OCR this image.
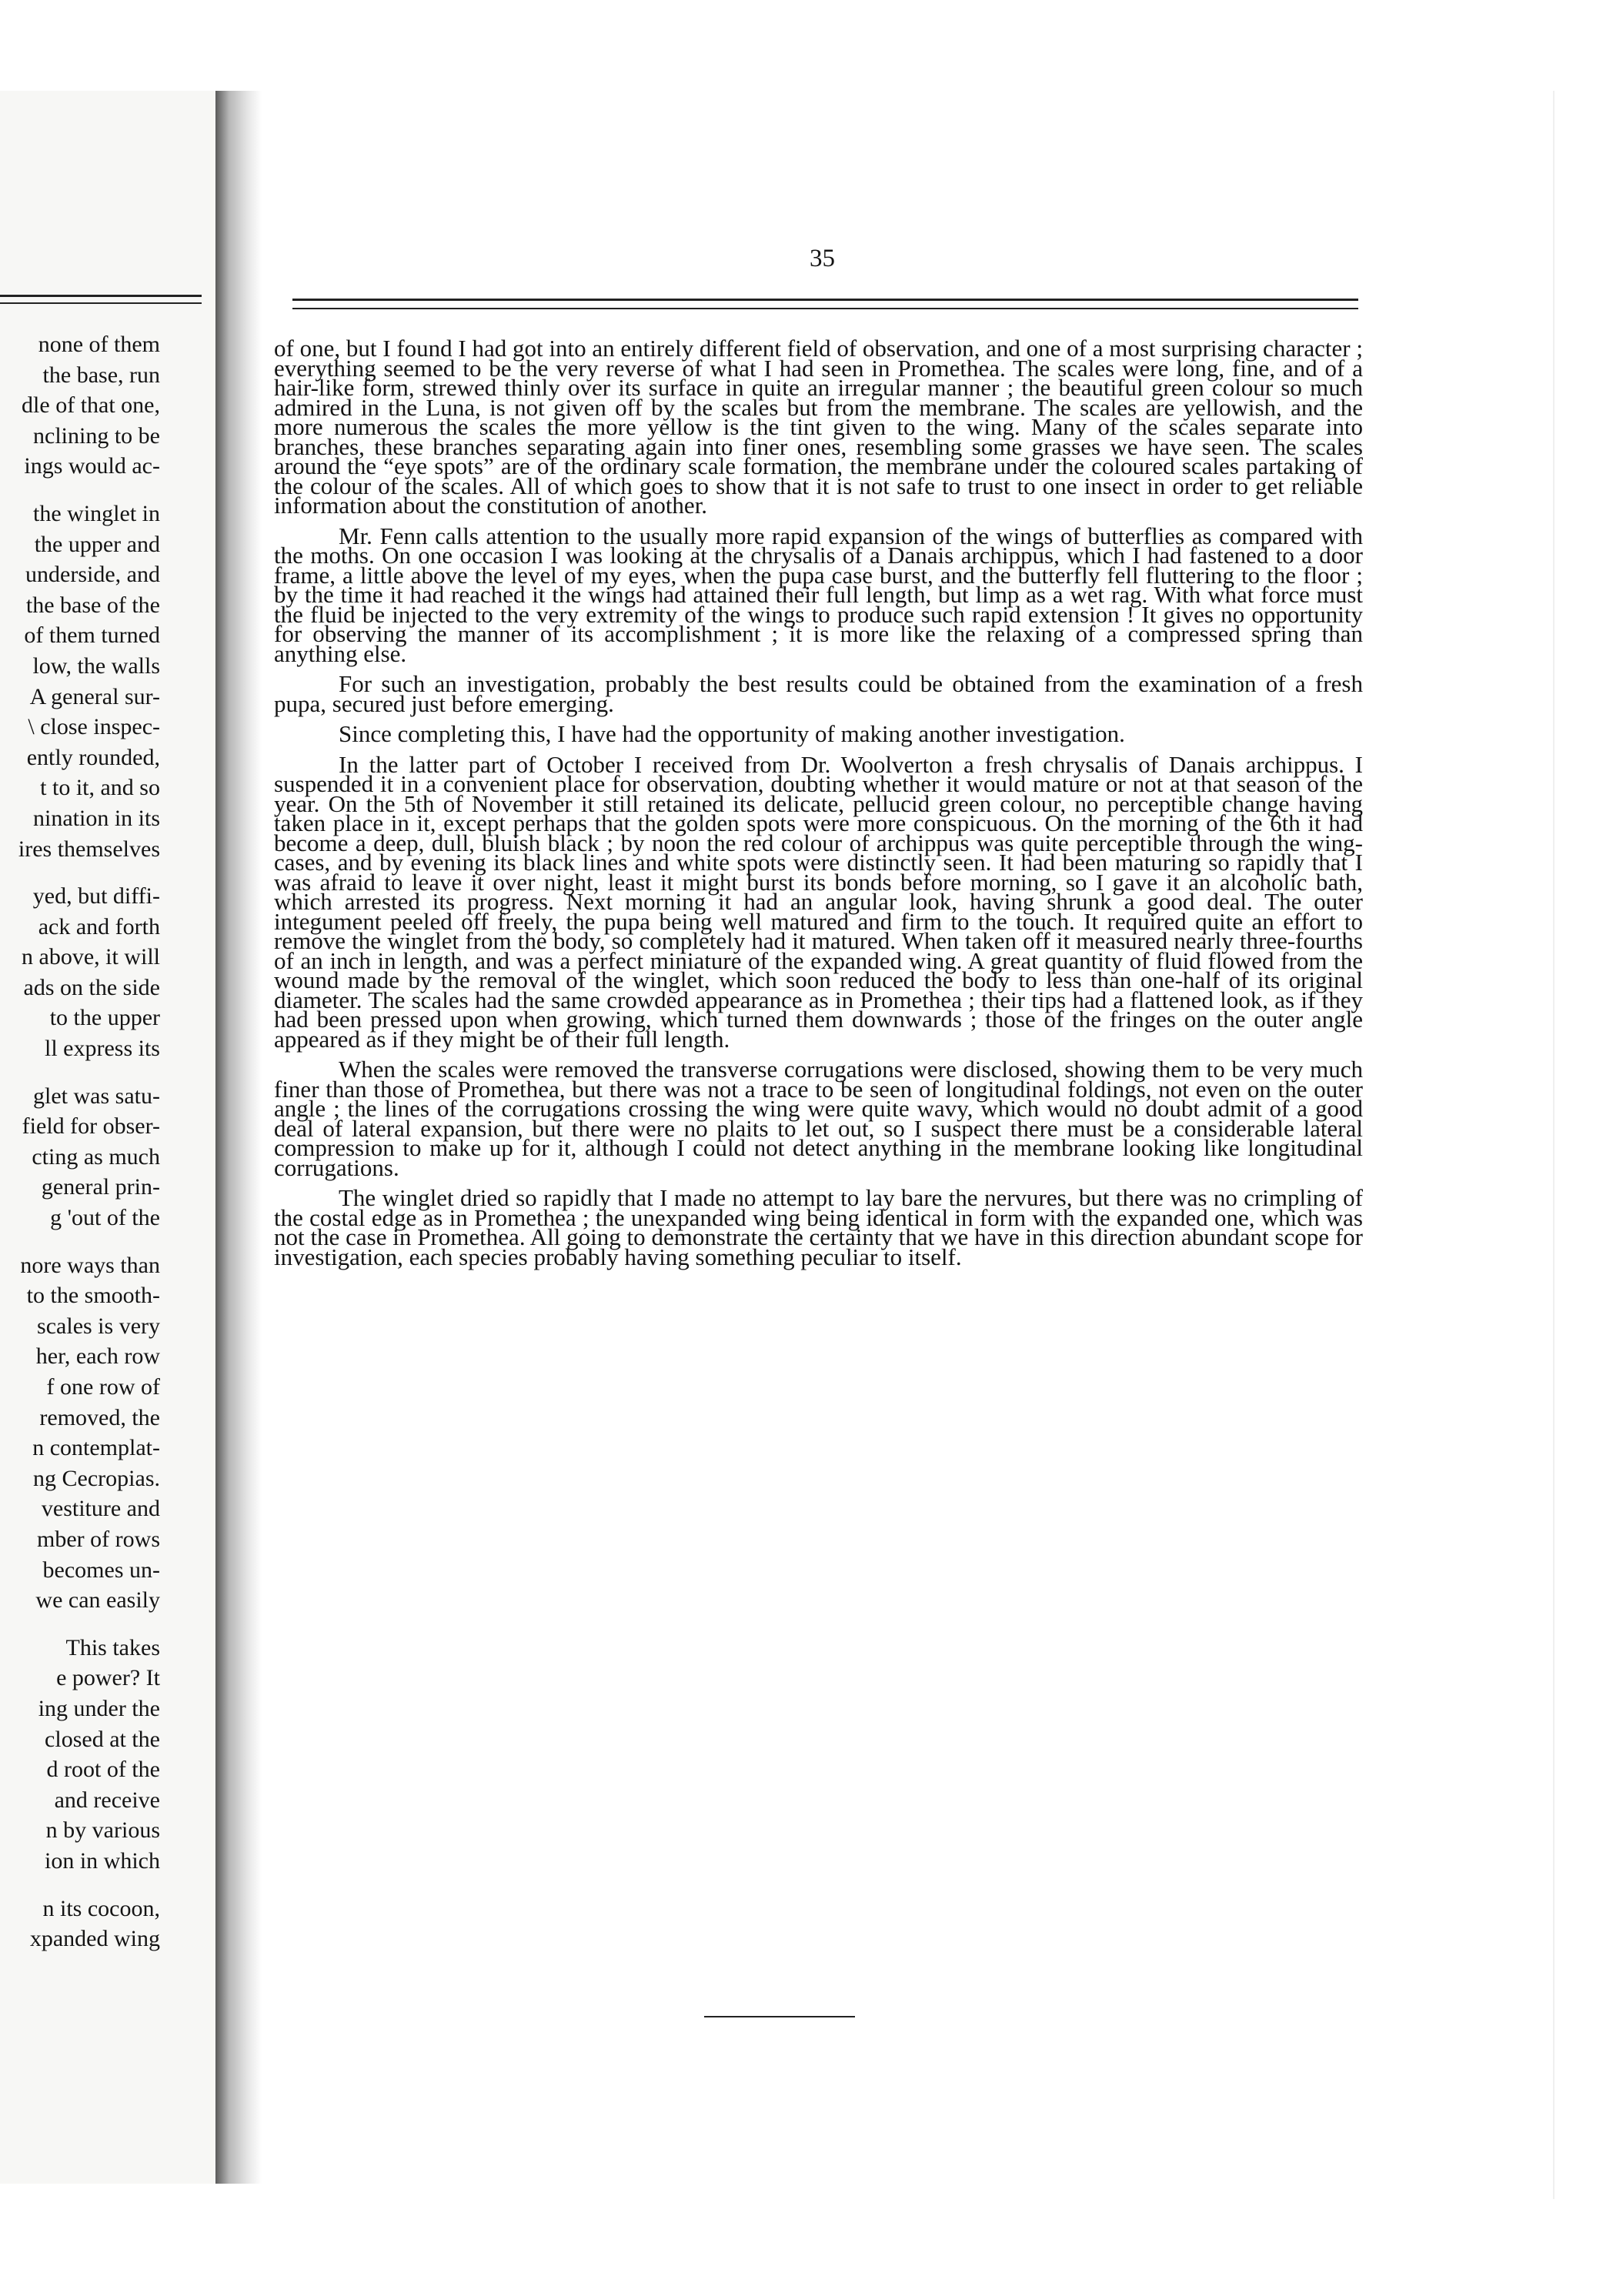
none of them
the base, run
dle of that one,
nclining to be
ings would ac-
the winglet in
the upper and
underside, and
the base of the
of them turned
low, the walls
A general sur-
\ close inspec-
ently rounded,
t to it, and so
nination in its
ires themselves
yed, but diffi-
ack and forth
n above, it will
ads on the side
to the upper
ll express its
glet was satu-
field for obser-
cting as much
general prin-
g 'out of the
nore ways than
to the smooth-
scales is very
her, each row
f one row of
removed, the
n contemplat-
ng Cecropias.
vestiture and
mber of rows
becomes un-
we can easily
This takes
e power? It
ing under the
closed at the
d root of the
and receive
n by various
ion in which
n its cocoon,
xpanded wing
35

of one, but I found I had got into an entirely different field of observation, and one of a most surprising character ; everything seemed to be the very reverse of what I had seen in Promethea. The scales were long, fine, and of a hair-like form, strewed thinly over its surface in quite an irregular manner ; the beautiful green colour so much admired in the Luna, is not given off by the scales but from the membrane. The scales are yellowish, and the more numerous the scales the more yellow is the tint given to the wing. Many of the scales separate into branches, these branches separating again into finer ones, resembling some grasses we have seen. The scales around the “eye spots” are of the ordinary scale formation, the membrane under the coloured scales partaking of the colour of the scales. All of which goes to show that it is not safe to trust to one insect in order to get reliable information about the constitution of another.

Mr. Fenn calls attention to the usually more rapid expansion of the wings of butterflies as compared with the moths. On one occasion I was looking at the chrysalis of a Danais archippus, which I had fastened to a door frame, a little above the level of my eyes, when the pupa case burst, and the butterfly fell fluttering to the floor ; by the time it had reached it the wings had attained their full length, but limp as a wet rag. With what force must the fluid be injected to the very extremity of the wings to produce such rapid extension ! It gives no opportunity for observing the manner of its accomplishment ; it is more like the relaxing of a compressed spring than anything else.

For such an investigation, probably the best results could be obtained from the examination of a fresh pupa, secured just before emerging.

Since completing this, I have had the opportunity of making another investigation.

In the latter part of October I received from Dr. Woolverton a fresh chrysalis of Danais archippus. I suspended it in a convenient place for observation, doubting whether it would mature or not at that season of the year. On the 5th of November it still retained its delicate, pellucid green colour, no perceptible change having taken place in it, except perhaps that the golden spots were more conspicuous. On the morning of the 6th it had become a deep, dull, bluish black ; by noon the red colour of archippus was quite perceptible through the wing-cases, and by evening its black lines and white spots were distinctly seen. It had been maturing so rapidly that I was afraid to leave it over night, least it might burst its bonds before morning, so I gave it an alcoholic bath, which arrested its progress. Next morning it had an angular look, having shrunk a good deal. The outer integument peeled off freely, the pupa being well matured and firm to the touch. It required quite an effort to remove the winglet from the body, so completely had it matured. When taken off it measured nearly three-fourths of an inch in length, and was a perfect miniature of the expanded wing. A great quantity of fluid flowed from the wound made by the removal of the winglet, which soon reduced the body to less than one-half of its original diameter. The scales had the same crowded appearance as in Promethea ; their tips had a flattened look, as if they had been pressed upon when growing, which turned them downwards ; those of the fringes on the outer angle appeared as if they might be of their full length.

When the scales were removed the transverse corrugations were disclosed, showing them to be very much finer than those of Promethea, but there was not a trace to be seen of longitudinal foldings, not even on the outer angle ; the lines of the corrugations crossing the wing were quite wavy, which would no doubt admit of a good deal of lateral expansion, but there were no plaits to let out, so I suspect there must be a considerable lateral compression to make up for it, although I could not detect anything in the membrane looking like longitudinal corrugations.

The winglet dried so rapidly that I made no attempt to lay bare the nervures, but there was no crimpling of the costal edge as in Promethea ; the unexpanded wing being identical in form with the expanded one, which was not the case in Promethea. All going to demonstrate the certainty that we have in this direction abundant scope for investigation, each species probably having something peculiar to itself.
